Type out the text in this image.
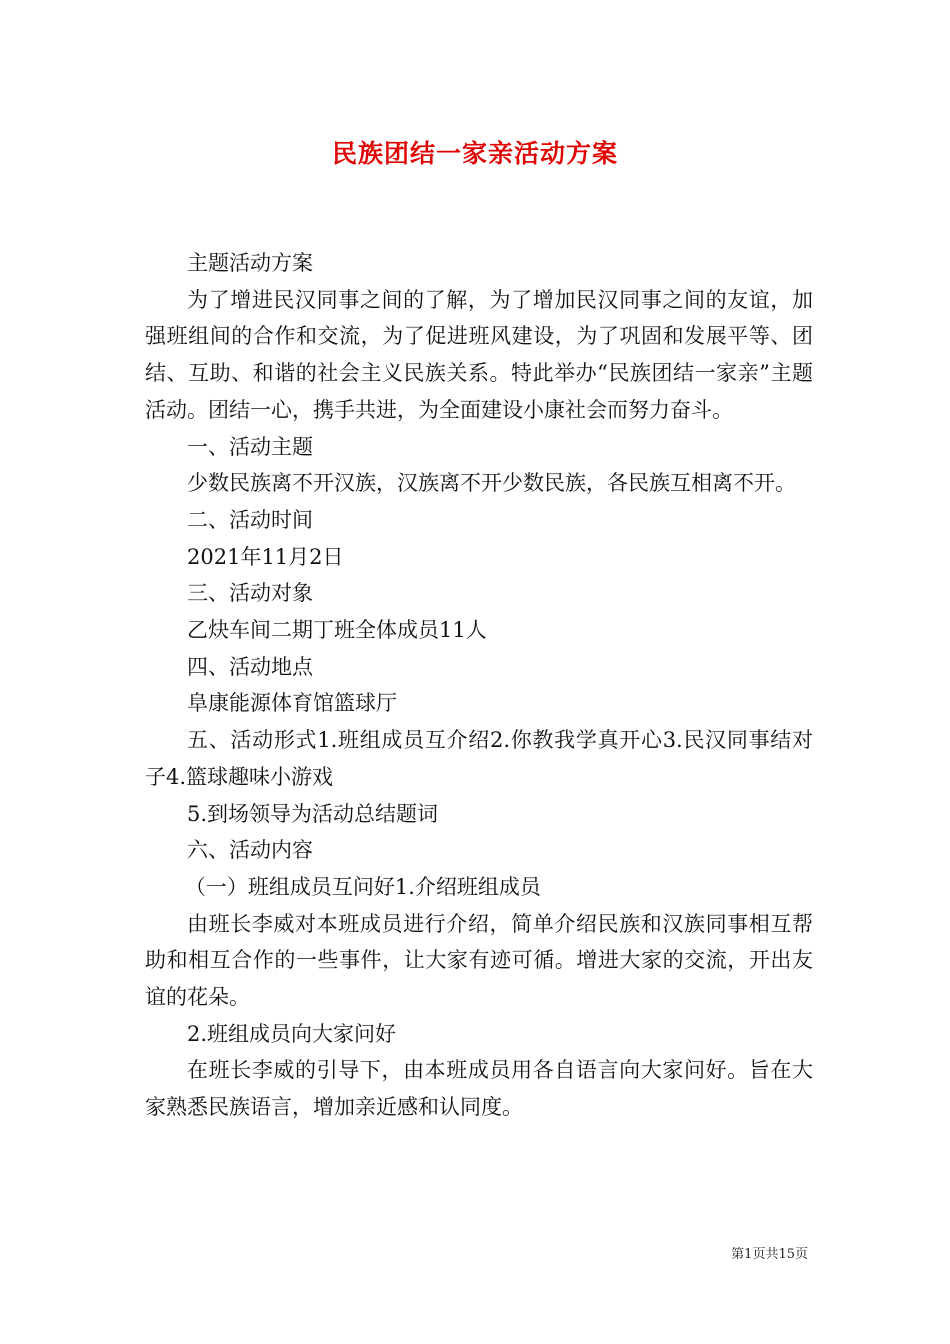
民族团结一家亲活动方案

主题活动方案

为了增进民汉同事之间的了解，为了增加民汉同事之间的友谊，加强班组间的合作和交流，为了促进班风建设，为了巩固和发展平等、团结、互助、和谐的社会主义民族关系。特此举办“民族团结一家亲”主题活动。团结一心，携手共进，为全面建设小康社会而努力奋斗。

一、活动主题

少数民族离不开汉族，汉族离不开少数民族，各民族互相离不开。

二、活动时间

2021年11月2日

三、活动对象

乙炔车间二期丁班全体成员11人

四、活动地点

阜康能源体育馆篮球厅

五、活动形式1.班组成员互介绍2.你教我学真开心3.民汉同事结对子4.篮球趣味小游戏

5.到场领导为活动总结题词

六、活动内容

（一）班组成员互问好1.介绍班组成员

由班长李威对本班成员进行介绍，简单介绍民族和汉族同事相互帮助和相互合作的一些事件，让大家有迹可循。增进大家的交流，开出友谊的花朵。

2.班组成员向大家问好

在班长李威的引导下，由本班成员用各自语言向大家问好。旨在大家熟悉民族语言，增加亲近感和认同度。

第1页共15页
